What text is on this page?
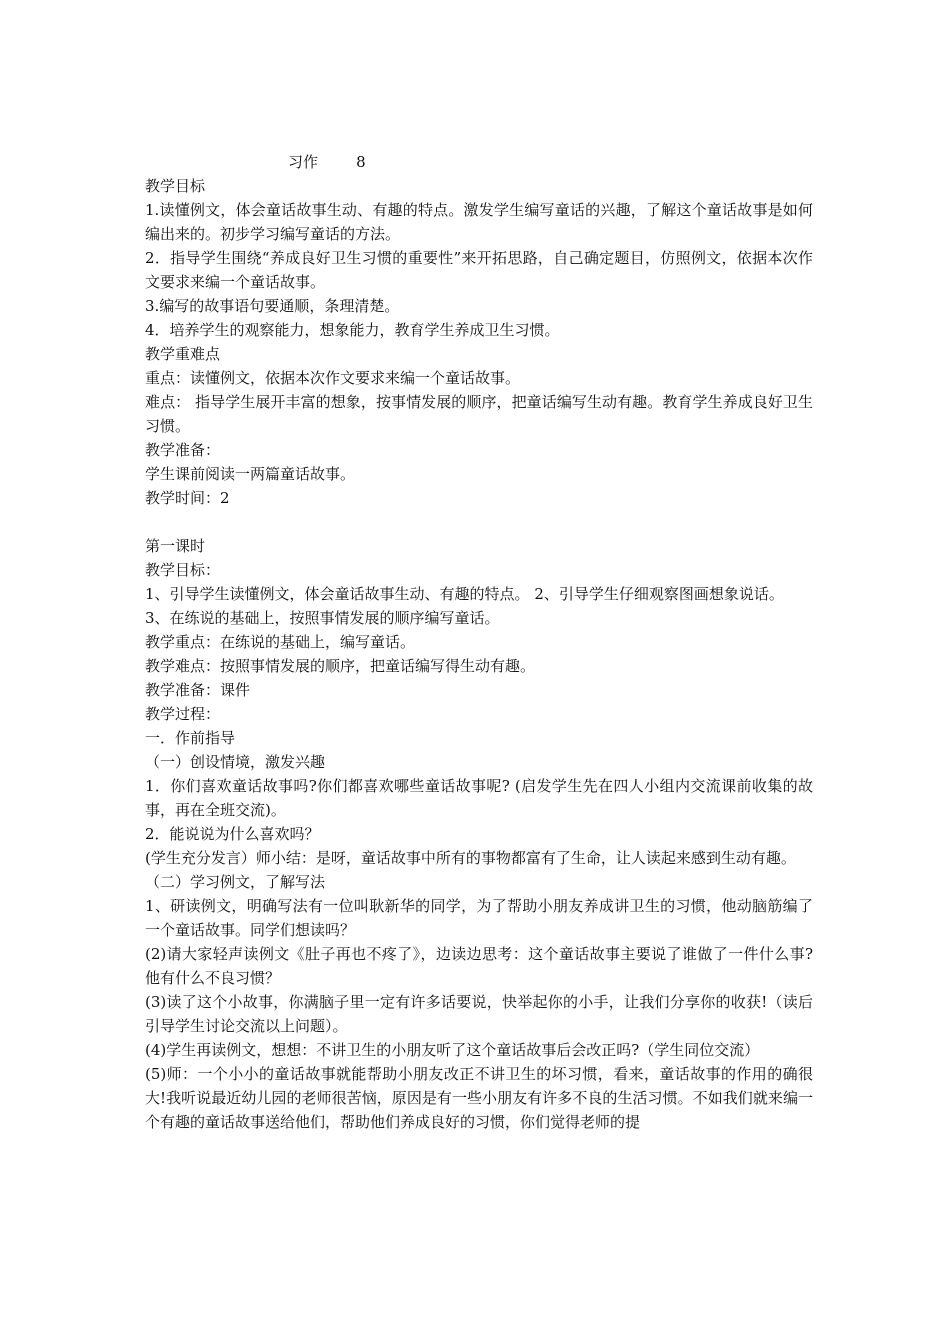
习作        8

教学目标

1.读懂例文，体会童话故事生动、有趣的特点。激发学生编写童话的兴趣，了解这个童话故事是如何编出来的。初步学习编写童话的方法。

2．指导学生围绕“养成良好卫生习惯的重要性”来开拓思路，自己确定题目，仿照例文，依据本次作文要求来编一个童话故事。

3.编写的故事语句要通顺，条理清楚。

4．培养学生的观察能力，想象能力，教育学生养成卫生习惯。

教学重难点

重点：读懂例文，依据本次作文要求来编一个童话故事。

难点： 指导学生展开丰富的想象，按事情发展的顺序，把童话编写生动有趣。教育学生养成良好卫生习惯。

教学准备：

学生课前阅读一两篇童话故事。

教学时间：2

第一课时

教学目标：

1、引导学生读懂例文，体会童话故事生动、有趣的特点。 2、引导学生仔细观察图画想象说话。

3、在练说的基础上，按照事情发展的顺序编写童话。

教学重点：在练说的基础上，编写童话。

教学难点：按照事情发展的顺序，把童话编写得生动有趣。

教学准备：课件

教学过程：

一．作前指导

（一）创设情境，激发兴趣

1．你们喜欢童话故事吗?你们都喜欢哪些童话故事呢? (启发学生先在四人小组内交流课前收集的故事，再在全班交流)。

2．能说说为什么喜欢吗？

(学生充分发言）师小结：是呀，童话故事中所有的事物都富有了生命，让人读起来感到生动有趣。

（二）学习例文，了解写法

1、研读例文，明确写法有一位叫耿新华的同学，为了帮助小朋友养成讲卫生的习惯，他动脑筋编了一个童话故事。同学们想读吗？

(2)请大家轻声读例文《肚子再也不疼了》，边读边思考：这个童话故事主要说了谁做了一件什么事? 他有什么不良习惯？

(3)读了这个小故事，你满脑子里一定有许多话要说，快举起你的小手，让我们分享你的收获!（读后引导学生讨论交流以上问题）。

(4)学生再读例文，想想：不讲卫生的小朋友听了这个童话故事后会改正吗?（学生同位交流）

(5)师：一个小小的童话故事就能帮助小朋友改正不讲卫生的坏习惯，看来，童话故事的作用的确很大!我听说最近幼儿园的老师很苦恼，原因是有一些小朋友有许多不良的生活习惯。不如我们就来编一个有趣的童话故事送给他们，帮助他们养成良好的习惯，你们觉得老师的提
